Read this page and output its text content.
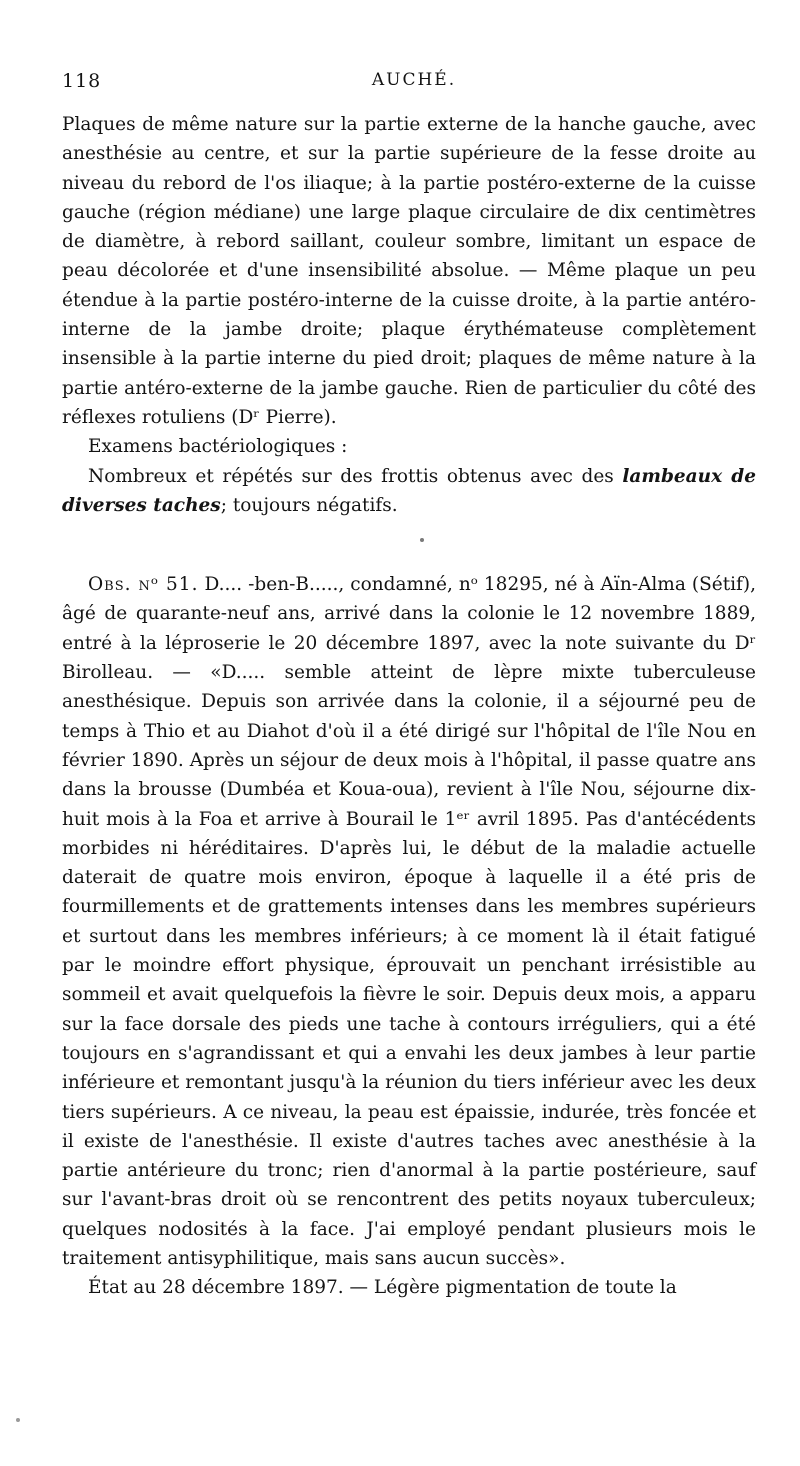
118	AUCHÉ.

Plaques de même nature sur la partie externe de la hanche gauche, avec anesthésie au centre, et sur la partie supérieure de la fesse droite au niveau du rebord de l'os iliaque; à la partie postéro-externe de la cuisse gauche (région médiane) une large plaque circulaire de dix centimètres de diamètre, à rebord saillant, couleur sombre, limitant un espace de peau décolorée et d'une insensibilité absolue. — Même plaque un peu étendue à la partie postéro-interne de la cuisse droite, à la partie antéro-interne de la jambe droite; plaque érythémateuse complètement insensible à la partie interne du pied droit; plaques de même nature à la partie antéro-externe de la jambe gauche. Rien de particulier du côté des réflexes rotuliens (Dʳ Pierre).

Examens bactériologiques :

Nombreux et répétés sur des frottis obtenus avec des lambeaux de diverses taches; toujours négatifs.

Obs. nᵒ 51. D.... -ben-B....., condamné, nᵒ 18295, né à Aïn-Alma (Sétif), âgé de quarante-neuf ans, arrivé dans la colonie le 12 novembre 1889, entré à la léproserie le 20 décembre 1897, avec la note suivante du Dʳ Birolleau. — «D..... semble atteint de lèpre mixte tuberculeuse anesthésique. Depuis son arrivée dans la colonie, il a séjourné peu de temps à Thio et au Diahot d'où il a été dirigé sur l'hôpital de l'île Nou en février 1890. Après un séjour de deux mois à l'hôpital, il passe quatre ans dans la brousse (Dumbéa et Koua-oua), revient à l'île Nou, séjourne dix-huit mois à la Foa et arrive à Bourail le 1ᵉʳ avril 1895. Pas d'antécédents morbides ni héréditaires. D'après lui, le début de la maladie actuelle daterait de quatre mois environ, époque à laquelle il a été pris de fourmillements et de grattements intenses dans les membres supérieurs et surtout dans les membres inférieurs; à ce moment là il était fatigué par le moindre effort physique, éprouvait un penchant irrésistible au sommeil et avait quelquefois la fièvre le soir. Depuis deux mois, a apparu sur la face dorsale des pieds une tache à contours irréguliers, qui a été toujours en s'agrandissant et qui a envahi les deux jambes à leur partie inférieure et remontant jusqu'à la réunion du tiers inférieur avec les deux tiers supérieurs. A ce niveau, la peau est épaissie, indurée, très foncée et il existe de l'anesthésie. Il existe d'autres taches avec anesthésie à la partie antérieure du tronc; rien d'anormal à la partie postérieure, sauf sur l'avant-bras droit où se rencontrent des petits noyaux tuberculeux; quelques nodosités à la face. J'ai employé pendant plusieurs mois le traitement antisyphilitique, mais sans aucun succès».

État au 28 décembre 1897. — Légère pigmentation de toute la
